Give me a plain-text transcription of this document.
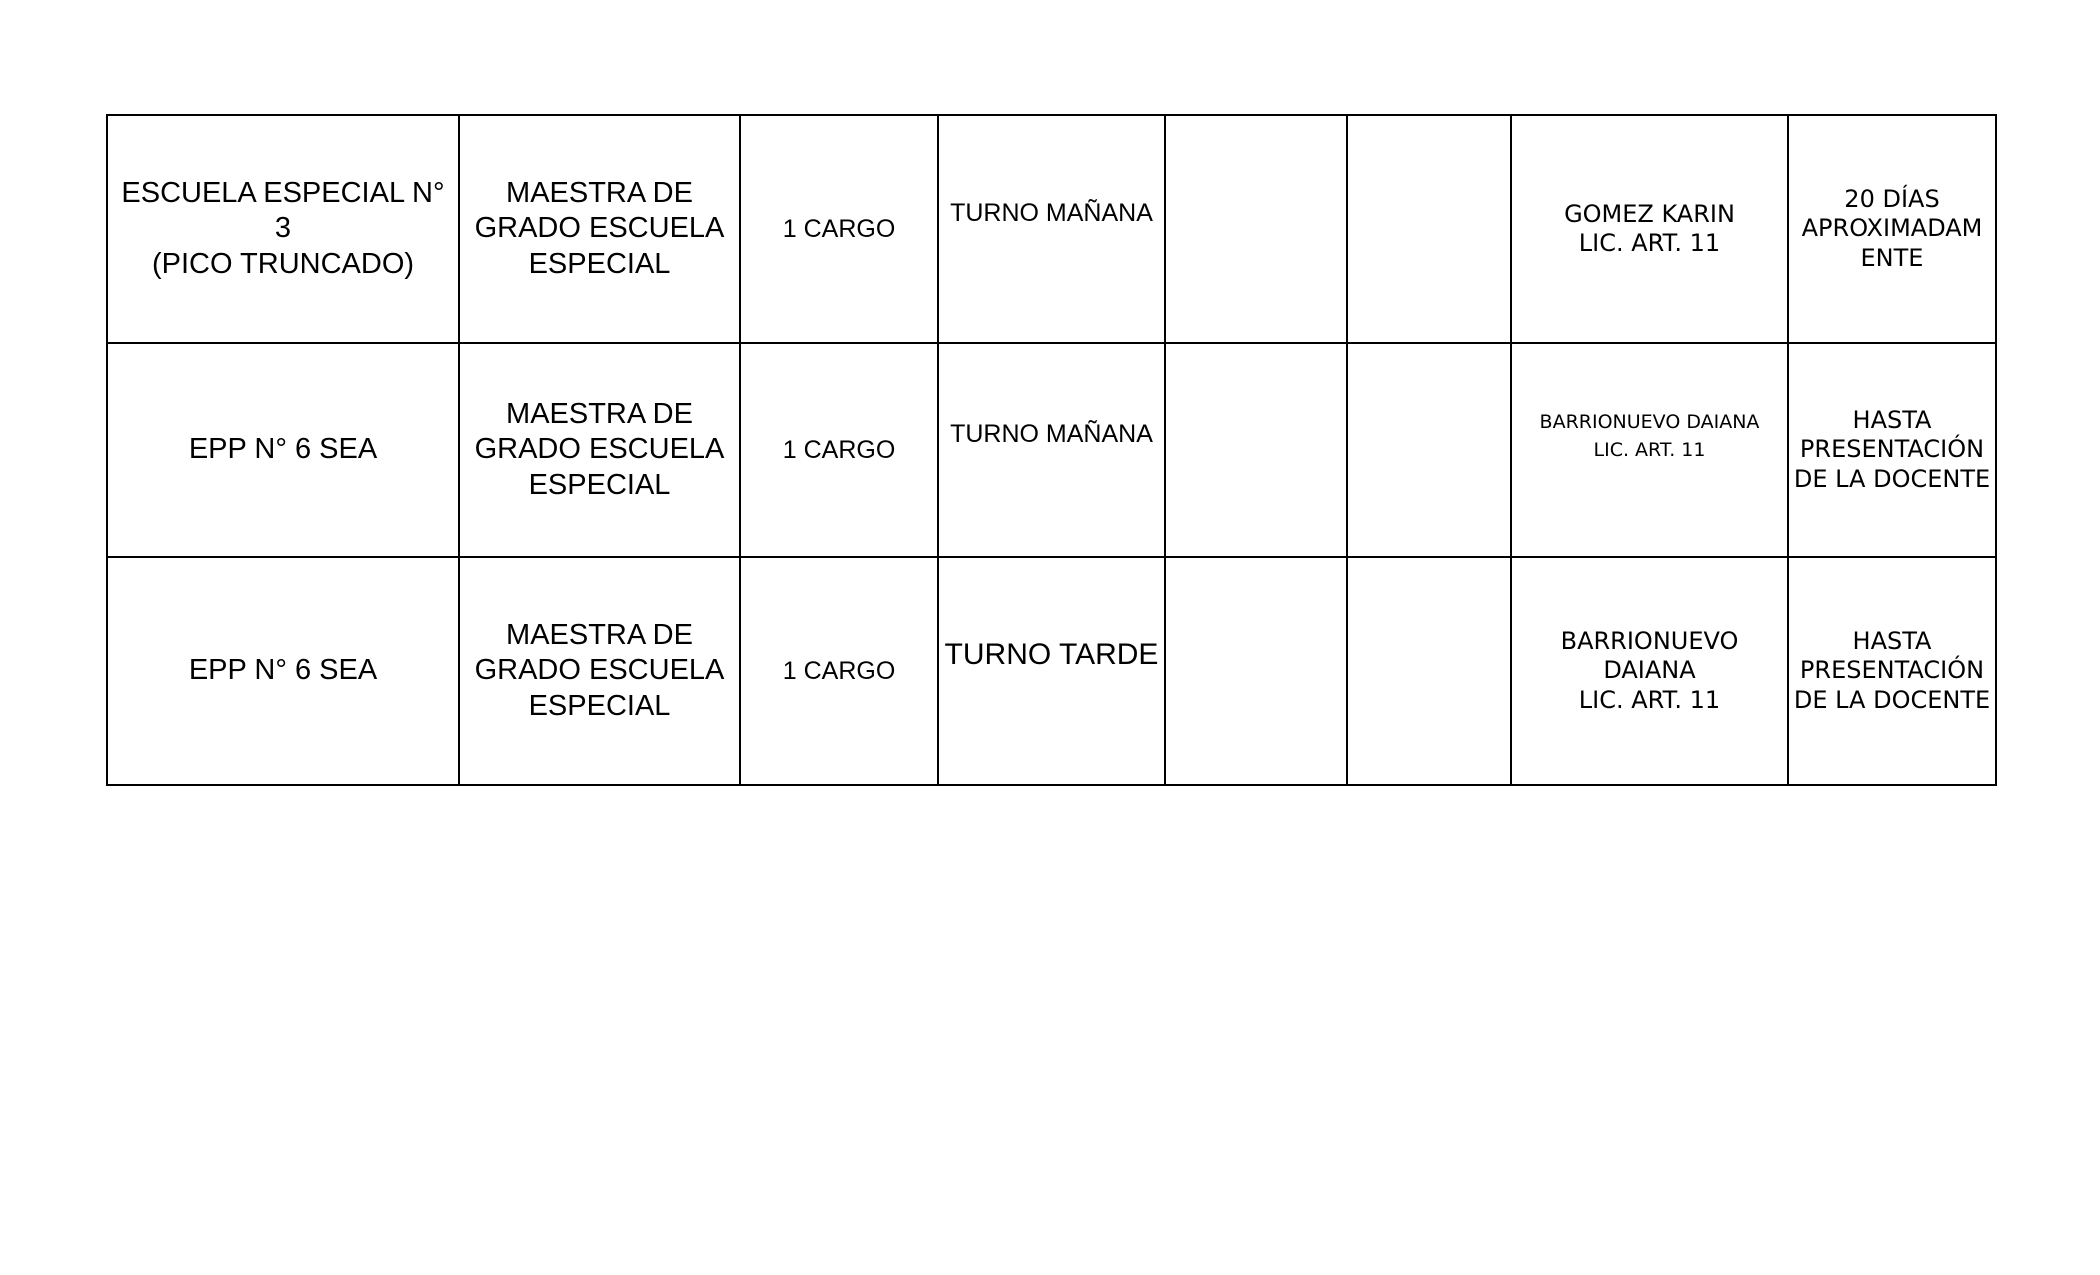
ESCUELA ESPECIAL N°
3
(PICO TRUNCADO)	MAESTRA DE
GRADO ESCUELA
ESPECIAL	1 CARGO	TURNO MAÑANA			GOMEZ KARIN
LIC. ART. 11	20 DÍAS
APROXIMADAM
ENTE

EPP N° 6 SEA	MAESTRA DE
GRADO ESCUELA
ESPECIAL	1 CARGO	TURNO MAÑANA			BARRIONUEVO DAIANA
LIC. ART. 11	HASTA
PRESENTACIÓN
DE LA DOCENTE

EPP N° 6 SEA	MAESTRA DE
GRADO ESCUELA
ESPECIAL	1 CARGO	TURNO TARDE			BARRIONUEVO
DAIANA
LIC. ART. 11	HASTA
PRESENTACIÓN
DE LA DOCENTE
